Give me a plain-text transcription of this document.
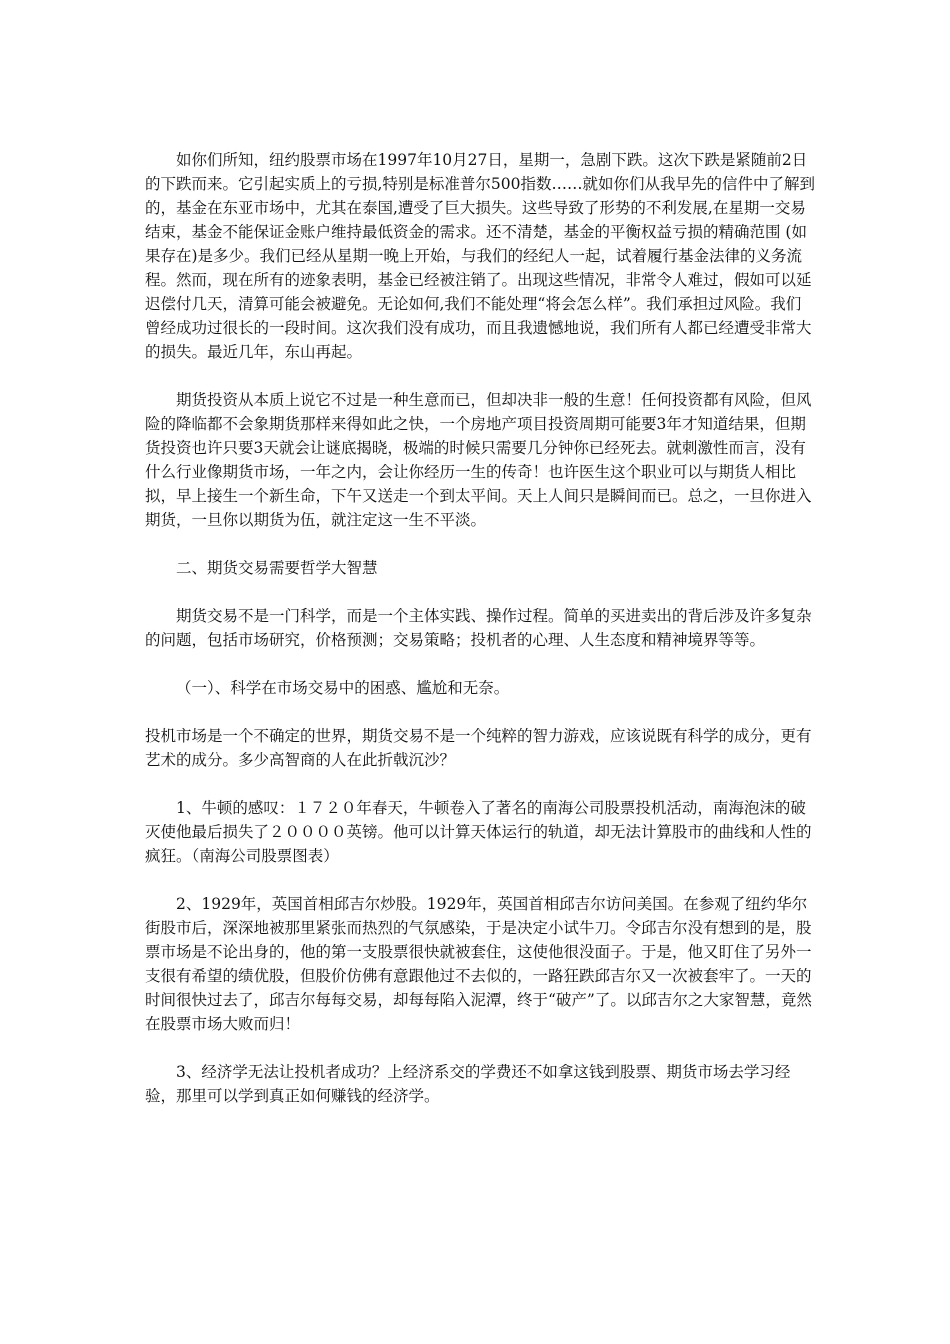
如你们所知，纽约股票市场在1997年10月27日，星期一，急剧下跌。这次下跌是紧随前2日的下跌而来。它引起实质上的亏损,特别是标准普尔500指数……就如你们从我早先的信件中了解到的，基金在东亚市场中，尤其在泰国,遭受了巨大损失。这些导致了形势的不利发展,在星期一交易结束，基金不能保证金账户维持最低资金的需求。还不清楚，基金的平衡权益亏损的精确范围 (如果存在)是多少。我们已经从星期一晚上开始，与我们的经纪人一起，试着履行基金法律的义务流程。然而，现在所有的迹象表明，基金已经被注销了。出现这些情况，非常令人难过，假如可以延迟偿付几天，清算可能会被避免。无论如何,我们不能处理“将会怎么样”。我们承担过风险。我们曾经成功过很长的一段时间。这次我们没有成功，而且我遗憾地说，我们所有人都已经遭受非常大的损失。最近几年，东山再起。

期货投资从本质上说它不过是一种生意而已，但却决非一般的生意！任何投资都有风险，但风险的降临都不会象期货那样来得如此之快，一个房地产项目投资周期可能要3年才知道结果，但期货投资也许只要3天就会让谜底揭晓，极端的时候只需要几分钟你已经死去。就刺激性而言，没有什么行业像期货市场，一年之内，会让你经历一生的传奇！也许医生这个职业可以与期货人相比拟，早上接生一个新生命，下午又送走一个到太平间。天上人间只是瞬间而已。总之，一旦你进入期货，一旦你以期货为伍，就注定这一生不平淡。

二、期货交易需要哲学大智慧

期货交易不是一门科学，而是一个主体实践、操作过程。简单的买进卖出的背后涉及许多复杂的问题，包括市场研究，价格预测；交易策略；投机者的心理、人生态度和精神境界等等。

（一）、科学在市场交易中的困惑、尴尬和无奈。

投机市场是一个不确定的世界，期货交易不是一个纯粹的智力游戏，应该说既有科学的成分，更有艺术的成分。多少高智商的人在此折戟沉沙？

1、牛顿的感叹：１７２０年春天，牛顿卷入了著名的南海公司股票投机活动，南海泡沫的破灭使他最后损失了２００００英镑。他可以计算天体运行的轨道，却无法计算股市的曲线和人性的疯狂。（南海公司股票图表）

2、1929年，英国首相邱吉尔炒股。1929年，英国首相邱吉尔访问美国。在参观了纽约华尔街股市后，深深地被那里紧张而热烈的气氛感染，于是决定小试牛刀。令邱吉尔没有想到的是，股票市场是不论出身的，他的第一支股票很快就被套住，这使他很没面子。于是，他又盯住了另外一支很有希望的绩优股，但股价仿佛有意跟他过不去似的，一路狂跌邱吉尔又一次被套牢了。一天的时间很快过去了，邱吉尔每每交易，却每每陷入泥潭，终于“破产”了。以邱吉尔之大家智慧，竟然在股票市场大败而归！

3、经济学无法让投机者成功？上经济系交的学费还不如拿这钱到股票、期货市场去学习经验，那里可以学到真正如何赚钱的经济学。
